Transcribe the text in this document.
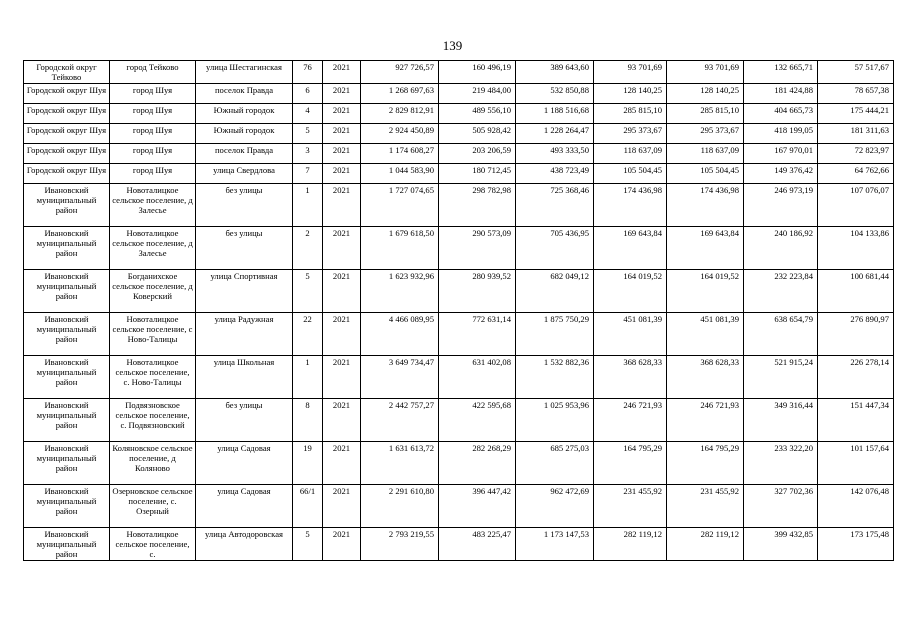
139
Городской округ Тейково	город Тейково	улица Шестагинская	76	2021	927 726,57	160 496,19	389 643,60	93 701,69	93 701,69	132 665,71	57 517,67
Городской округ Шуя	город Шуя	поселок Правда	6	2021	1 268 697,63	219 484,00	532 850,88	128 140,25	128 140,25	181 424,88	78 657,38
Городской округ Шуя	город Шуя	Южный городок	4	2021	2 829 812,91	489 556,10	1 188 516,68	285 815,10	285 815,10	404 665,73	175 444,21
Городской округ Шуя	город Шуя	Южный городок	5	2021	2 924 450,89	505 928,42	1 228 264,47	295 373,67	295 373,67	418 199,05	181 311,63
Городской округ Шуя	город Шуя	поселок Правда	3	2021	1 174 608,27	203 206,59	493 333,50	118 637,09	118 637,09	167 970,01	72 823,97
Городской округ Шуя	город Шуя	улица Свердлова	7	2021	1 044 583,90	180 712,45	438 723,49	105 504,45	105 504,45	149 376,42	64 762,66
Ивановский муниципальный район	Новоталицкое сельское поселение, д Залесье	без улицы	1	2021	1 727 074,65	298 782,98	725 368,46	174 436,98	174 436,98	246 973,19	107 076,07
Ивановский муниципальный район	Новоталицкое сельское поселение, д Залесье	без улицы	2	2021	1 679 618,50	290 573,09	705 436,95	169 643,84	169 643,84	240 186,92	104 133,86
Ивановский муниципальный район	Богданихское сельское поселение, д Коверский	улица Спортивная	5	2021	1 623 932,96	280 939,52	682 049,12	164 019,52	164 019,52	232 223,84	100 681,44
Ивановский муниципальный район	Новоталицкое сельское поселение, с Ново-Талицы	улица Радужная	22	2021	4 466 089,95	772 631,14	1 875 750,29	451 081,39	451 081,39	638 654,79	276 890,97
Ивановский муниципальный район	Новоталицкое сельское поселение, с. Ново-Талицы	улица Школьная	1	2021	3 649 734,47	631 402,08	1 532 882,36	368 628,33	368 628,33	521 915,24	226 278,14
Ивановский муниципальный район	Подвязновское сельское поселение, с. Подвязновский	без улицы	8	2021	2 442 757,27	422 595,68	1 025 953,96	246 721,93	246 721,93	349 316,44	151 447,34
Ивановский муниципальный район	Коляновское сельское поселение, д Коляново	улица Садовая	19	2021	1 631 613,72	282 268,29	685 275,03	164 795,29	164 795,29	233 322,20	101 157,64
Ивановский муниципальный район	Озерновское сельское поселение, с. Озерный	улица Садовая	66/1	2021	2 291 610,80	396 447,42	962 472,69	231 455,92	231 455,92	327 702,36	142 076,48
Ивановский муниципальный район	Новоталицкое сельское поселение, с.	улица Автодоровская	5	2021	2 793 219,55	483 225,47	1 173 147,53	282 119,12	282 119,12	399 432,85	173 175,48
